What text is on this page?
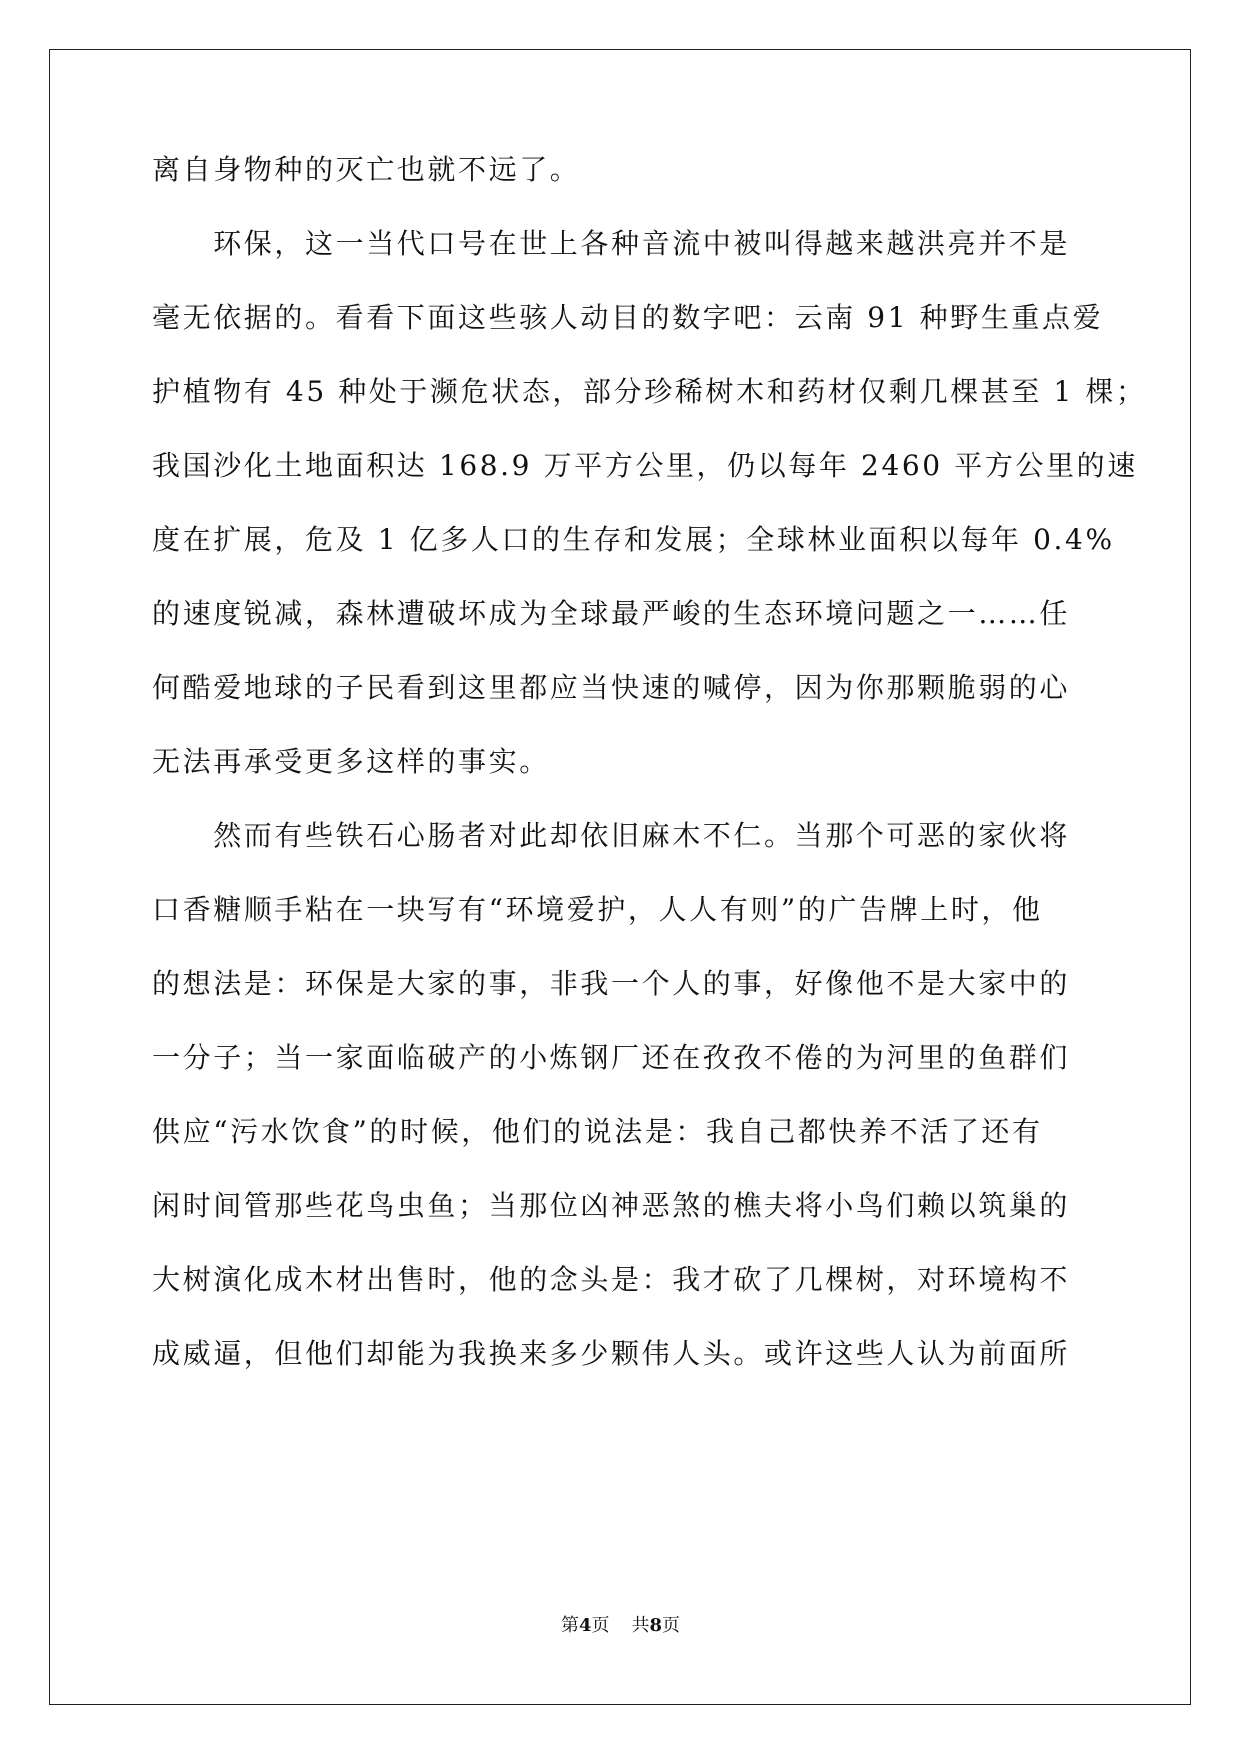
离自身物种的灭亡也就不远了。
　　环保，这一当代口号在世上各种音流中被叫得越来越洪亮并不是
毫无依据的。看看下面这些骇人动目的数字吧：云南 91 种野生重点爱
护植物有 45 种处于濒危状态，部分珍稀树木和药材仅剩几棵甚至 1 棵；
我国沙化土地面积达 168.9 万平方公里，仍以每年 2460 平方公里的速
度在扩展，危及 1 亿多人口的生存和发展；全球林业面积以每年 0.4%
的速度锐减，森林遭破坏成为全球最严峻的生态环境问题之一……任
何酷爱地球的子民看到这里都应当快速的喊停，因为你那颗脆弱的心
无法再承受更多这样的事实。
　　然而有些铁石心肠者对此却依旧麻木不仁。当那个可恶的家伙将
口香糖顺手粘在一块写有“环境爱护，人人有则”的广告牌上时，他
的想法是：环保是大家的事，非我一个人的事，好像他不是大家中的
一分子；当一家面临破产的小炼钢厂还在孜孜不倦的为河里的鱼群们
供应“污水饮食”的时候，他们的说法是：我自己都快养不活了还有
闲时间管那些花鸟虫鱼；当那位凶神恶煞的樵夫将小鸟们赖以筑巢的
大树演化成木材出售时，他的念头是：我才砍了几棵树，对环境构不
成威逼，但他们却能为我换来多少颗伟人头。或许这些人认为前面所
第4页 共8页
